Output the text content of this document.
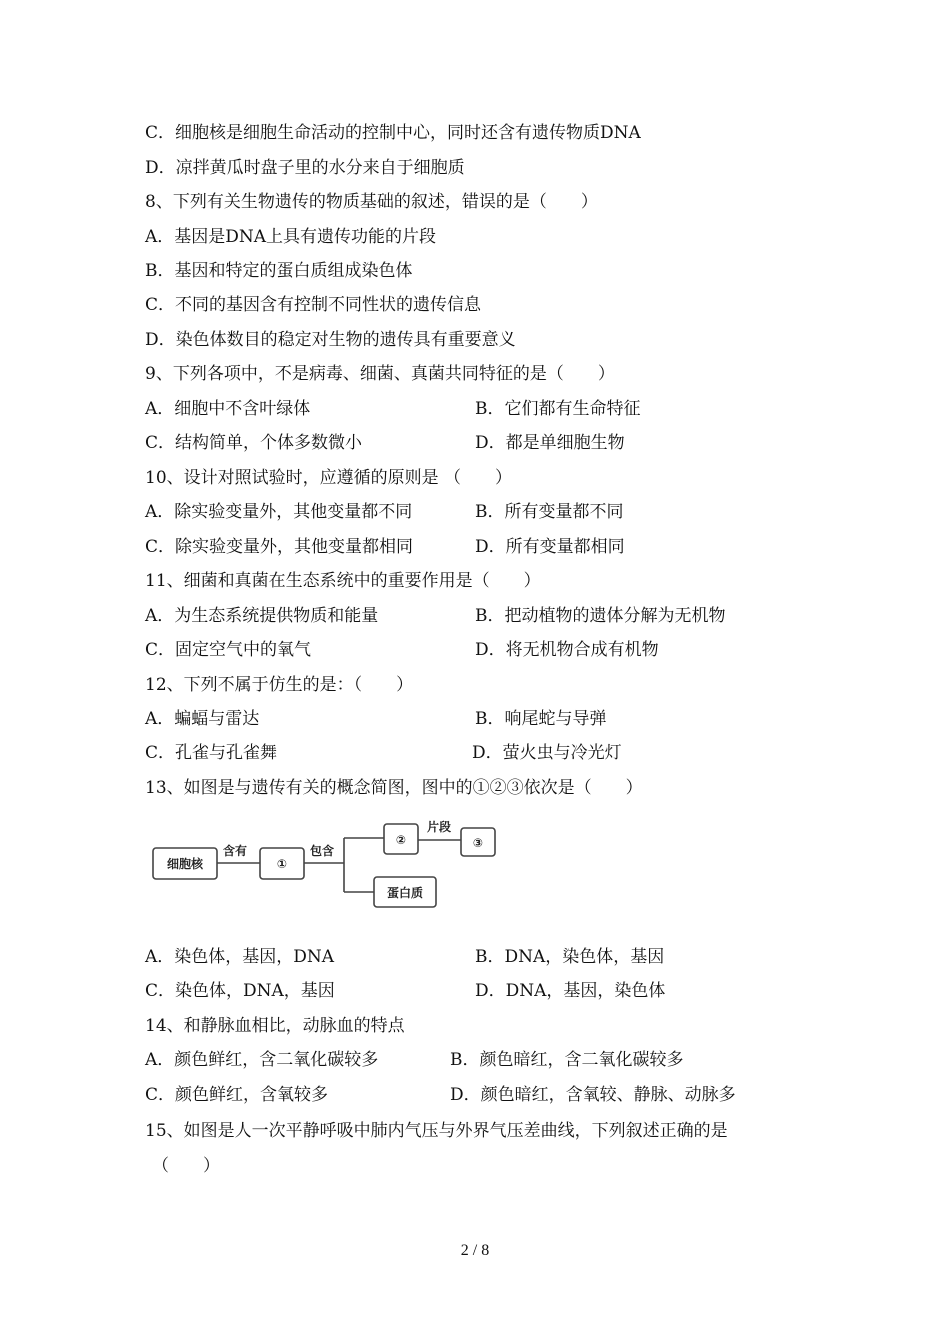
C．细胞核是细胞生命活动的控制中心，同时还含有遗传物质DNA
D．凉拌黄瓜时盘子里的水分来自于细胞质
8、下列有关生物遗传的物质基础的叙述，错误的是（　　）
A．基因是DNA上具有遗传功能的片段
B．基因和特定的蛋白质组成染色体
C．不同的基因含有控制不同性状的遗传信息
D．染色体数目的稳定对生物的遗传具有重要意义
9、下列各项中，不是病毒、细菌、真菌共同特征的是（　　）
A．细胞中不含叶绿体	B．它们都有生命特征
C．结构简单，个体多数微小	D．都是单细胞生物
10、设计对照试验时，应遵循的原则是 （　　）
A．除实验变量外，其他变量都不同	B．所有变量都不同
C．除实验变量外，其他变量都相同	D．所有变量都相同
11、细菌和真菌在生态系统中的重要作用是（　　）
A．为生态系统提供物质和能量	B．把动植物的遗体分解为无机物
C．固定空气中的氧气	D．将无机物合成有机物
12、下列不属于仿生的是：（　　）
A．蝙蝠与雷达	B．响尾蛇与导弹
C．孔雀与孔雀舞	D．萤火虫与冷光灯
13、如图是与遗传有关的概念简图，图中的①②③依次是（　　）
细胞核
含有
①
包含
②
片段
③
蛋白质
A．染色体，基因，DNA	B．DNA，染色体，基因
C．染色体，DNA，基因	D．DNA，基因，染色体
14、和静脉血相比，动脉血的特点
A．颜色鲜红，含二氧化碳较多	B．颜色暗红，含二氧化碳较多
C．颜色鲜红，含氧较多	D．颜色暗红，含氧较、静脉、动脉多
15、如图是人一次平静呼吸中肺内气压与外界气压差曲线，下列叙述正确的是
（　　）
2 / 8
